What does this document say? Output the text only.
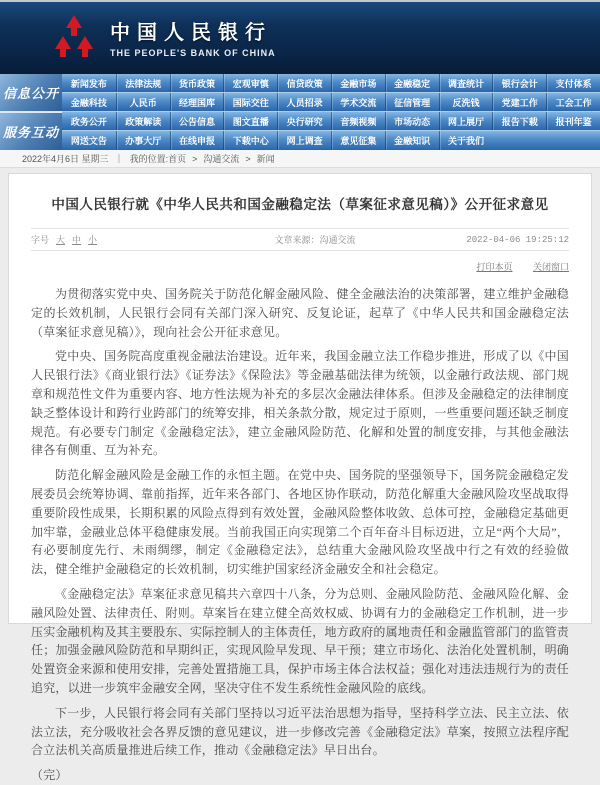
中国人民银行
THE PEOPLE'S BANK OF CHINA
信息公开
服务互动
新闻发布	法律法规	货币政策	宏观审慎	信贷政策	金融市场	金融稳定	调查统计	银行会计	支付体系
金融科技	人民币	经理国库	国际交往	人员招录	学术交流	征信管理	反洗钱	党建工作	工会工作
政务公开	政策解读	公告信息	图文直播	央行研究	音频视频	市场动态	网上展厅	报告下载	报刊年鉴
网送文告	办事大厅	在线申报	下载中心	网上调查	意见征集	金融知识	关于我们
2022年4月6日 星期三 ｜ 我的位置: 首页 > 沟通交流 > 新闻
中国人民银行就《中华人民共和国金融稳定法（草案征求意见稿）》公开征求意见
字号 大 中 小	文章来源：沟通交流	2022-04-06 19:25:12
打印本页 关闭窗口

为贯彻落实党中央、国务院关于防范化解金融风险、健全金融法治的决策部署，建立维护金融稳定的长效机制，人民银行会同有关部门深入研究、反复论证，起草了《中华人民共和国金融稳定法（草案征求意见稿）》，现向社会公开征求意见。

党中央、国务院高度重视金融法治建设。近年来，我国金融立法工作稳步推进，形成了以《中国人民银行法》《商业银行法》《证券法》《保险法》等金融基础法律为统领，以金融行政法规、部门规章和规范性文件为重要内容、地方性法规为补充的多层次金融法律体系。但涉及金融稳定的法律制度缺乏整体设计和跨行业跨部门的统筹安排，相关条款分散，规定过于原则，一些重要问题还缺乏制度规范。有必要专门制定《金融稳定法》，建立金融风险防范、化解和处置的制度安排，与其他金融法律各有侧重、互为补充。

防范化解金融风险是金融工作的永恒主题。在党中央、国务院的坚强领导下，国务院金融稳定发展委员会统筹协调、靠前指挥，近年来各部门、各地区协作联动，防范化解重大金融风险攻坚战取得重要阶段性成果，长期积累的风险点得到有效处置，金融风险整体收敛、总体可控，金融稳定基础更加牢靠，金融业总体平稳健康发展。当前我国正向实现第二个百年奋斗目标迈进，立足“两个大局”，有必要制度先行、未雨绸缪，制定《金融稳定法》，总结重大金融风险攻坚战中行之有效的经验做法，健全维护金融稳定的长效机制，切实维护国家经济金融安全和社会稳定。

《金融稳定法》草案征求意见稿共六章四十八条，分为总则、金融风险防范、金融风险化解、金融风险处置、法律责任、附则。草案旨在建立健全高效权威、协调有力的金融稳定工作机制，进一步压实金融机构及其主要股东、实际控制人的主体责任，地方政府的属地责任和金融监管部门的监管责任；加强金融风险防范和早期纠正，实现风险早发现、早干预；建立市场化、法治化处置机制，明确处置资金来源和使用安排，完善处置措施工具，保护市场主体合法权益；强化对违法违规行为的责任追究，以进一步筑牢金融安全网，坚决守住不发生系统性金融风险的底线。

下一步，人民银行将会同有关部门坚持以习近平法治思想为指导，坚持科学立法、民主立法、依法立法，充分吸收社会各界反馈的意见建议，进一步修改完善《金融稳定法》草案，按照立法程序配合立法机关高质量推进后续工作，推动《金融稳定法》早日出台。

（完）
